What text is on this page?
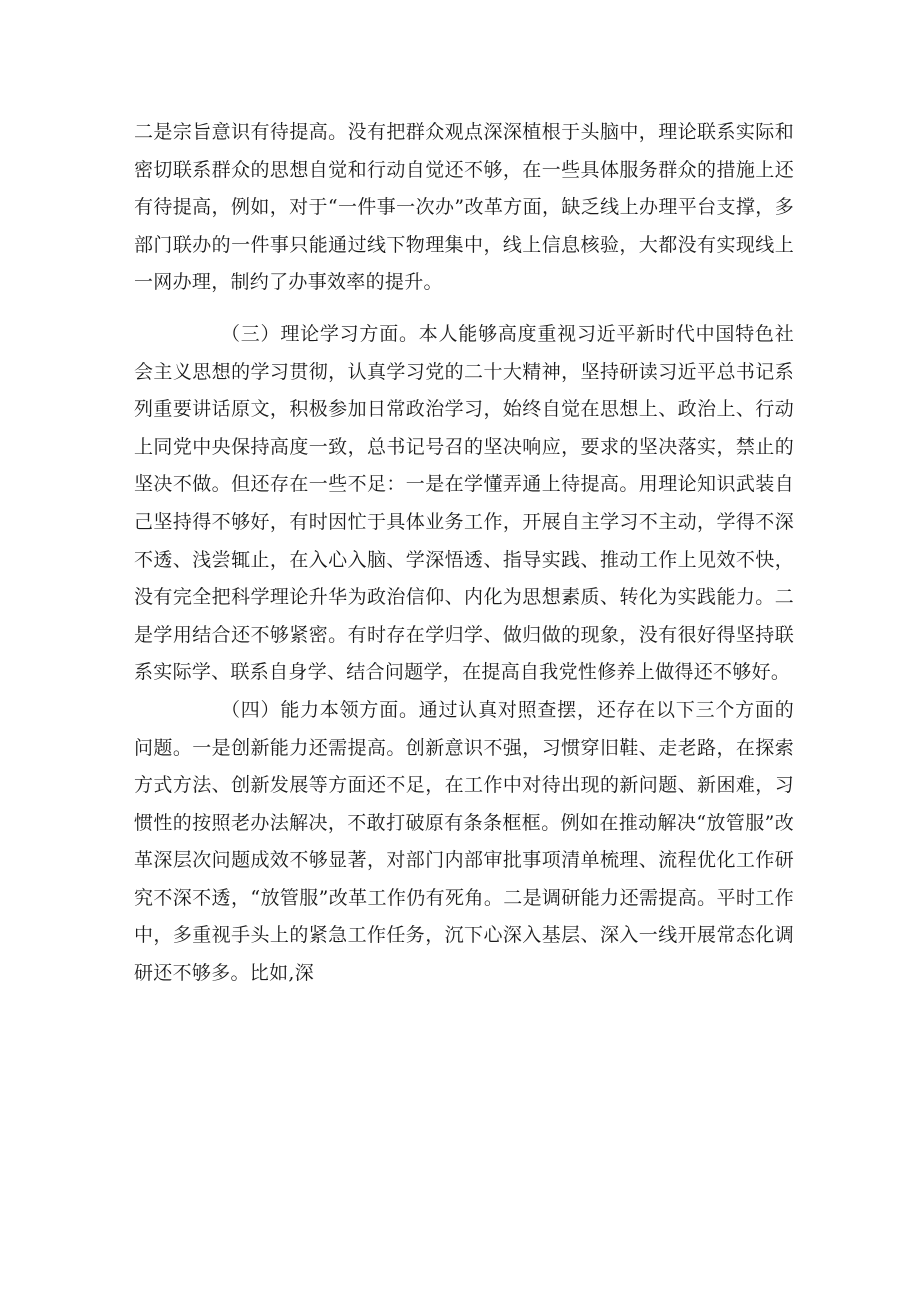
二是宗旨意识有待提高。没有把群众观点深深植根于头脑中，理论联系实际和密切联系群众的思想自觉和行动自觉还不够，在一些具体服务群众的措施上还有待提高，例如，对于“一件事一次办”改革方面，缺乏线上办理平台支撑，多部门联办的一件事只能通过线下物理集中，线上信息核验，大都没有实现线上一网办理，制约了办事效率的提升。

（三）理论学习方面。本人能够高度重视习近平新时代中国特色社会主义思想的学习贯彻，认真学习党的二十大精神，坚持研读习近平总书记系列重要讲话原文，积极参加日常政治学习，始终自觉在思想上、政治上、行动上同党中央保持高度一致，总书记号召的坚决响应，要求的坚决落实，禁止的坚决不做。但还存在一些不足：一是在学懂弄通上待提高。用理论知识武装自己坚持得不够好，有时因忙于具体业务工作，开展自主学习不主动，学得不深不透、浅尝辄止，在入心入脑、学深悟透、指导实践、推动工作上见效不快，没有完全把科学理论升华为政治信仰、内化为思想素质、转化为实践能力。二是学用结合还不够紧密。有时存在学归学、做归做的现象，没有很好得坚持联系实际学、联系自身学、结合问题学，在提高自我党性修养上做得还不够好。

（四）能力本领方面。通过认真对照查摆，还存在以下三个方面的问题。一是创新能力还需提高。创新意识不强，习惯穿旧鞋、走老路，在探索方式方法、创新发展等方面还不足，在工作中对待出现的新问题、新困难，习惯性的按照老办法解决，不敢打破原有条条框框。例如在推动解决“放管服”改革深层次问题成效不够显著，对部门内部审批事项清单梳理、流程优化工作研究不深不透，“放管服”改革工作仍有死角。二是调研能力还需提高。平时工作中，多重视手头上的紧急工作任务，沉下心深入基层、深入一线开展常态化调研还不够多。比如,深
